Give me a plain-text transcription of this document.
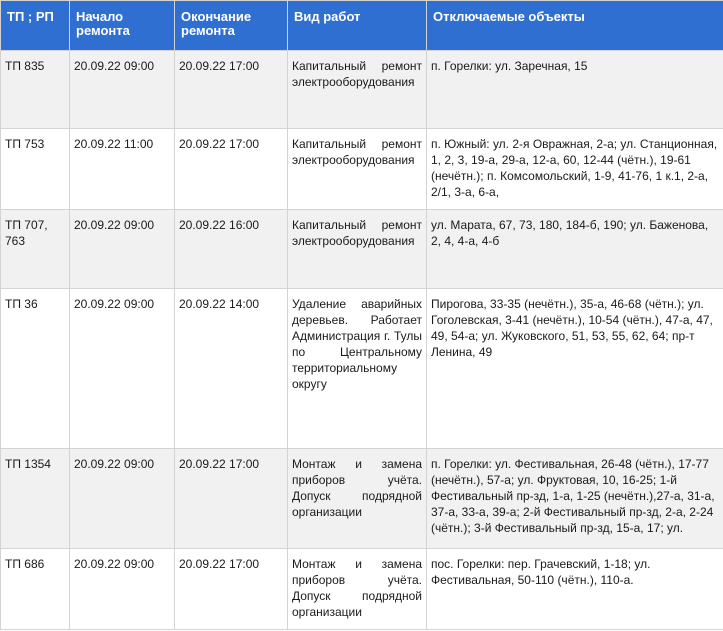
ТП ; РП	Начало ремонта	Окончание ремонта	Вид работ	Отключаемые объекты

ТП 835	20.09.22 09:00	20.09.22 17:00	Капитальный ремонт электрооборудования	п. Горелки: ул. Заречная, 15

ТП 753	20.09.22 11:00	20.09.22 17:00	Капитальный ремонт электрооборудования	п. Южный: ул. 2-я Овражная, 2-а; ул. Станционная, 1, 2, 3, 19-а, 29-а, 12-а, 60, 12-44 (чётн.), 19-61 (нечётн.); п. Комсомольский, 1-9, 41-76, 1 к.1, 2-а, 2/1, 3-а, 6-а,

ТП 707, 763	20.09.22 09:00	20.09.22 16:00	Капитальный ремонт электрооборудования	ул. Марата, 67, 73, 180, 184-б, 190; ул. Баженова, 2, 4, 4-а, 4-б

ТП 36	20.09.22 09:00	20.09.22 14:00	Удаление аварийных деревьев. Работает Администрация г. Тулы по Центральному территориальному округу	Пирогова, 33-35 (нечётн.), 35-а, 46-68 (чётн.); ул. Гоголевская, 3-41 (нечётн.), 10-54 (чётн.), 47-а, 47, 49, 54-а; ул. Жуковского, 51, 53, 55, 62, 64; пр-т Ленина, 49

ТП 1354	20.09.22 09:00	20.09.22 17:00	Монтаж и замена приборов учёта. Допуск подрядной организации	п. Горелки: ул. Фестивальная, 26-48 (чётн.), 17-77 (нечётн.), 57-а; ул. Фруктовая, 10, 16-25; 1-й Фестивальный пр-зд, 1-а, 1-25 (нечётн.),27-а, 31-а, 37-а, 33-а, 39-а; 2-й Фестивальный пр-зд, 2-а, 2-24 (чётн.); 3-й Фестивальный пр-зд, 15-а, 17; ул.

ТП 686	20.09.22 09:00	20.09.22 17:00	Монтаж и замена приборов учёта. Допуск подрядной организации	пос. Горелки: пер. Грачевский, 1-18; ул. Фестивальная, 50-110 (чётн.), 110-а.
